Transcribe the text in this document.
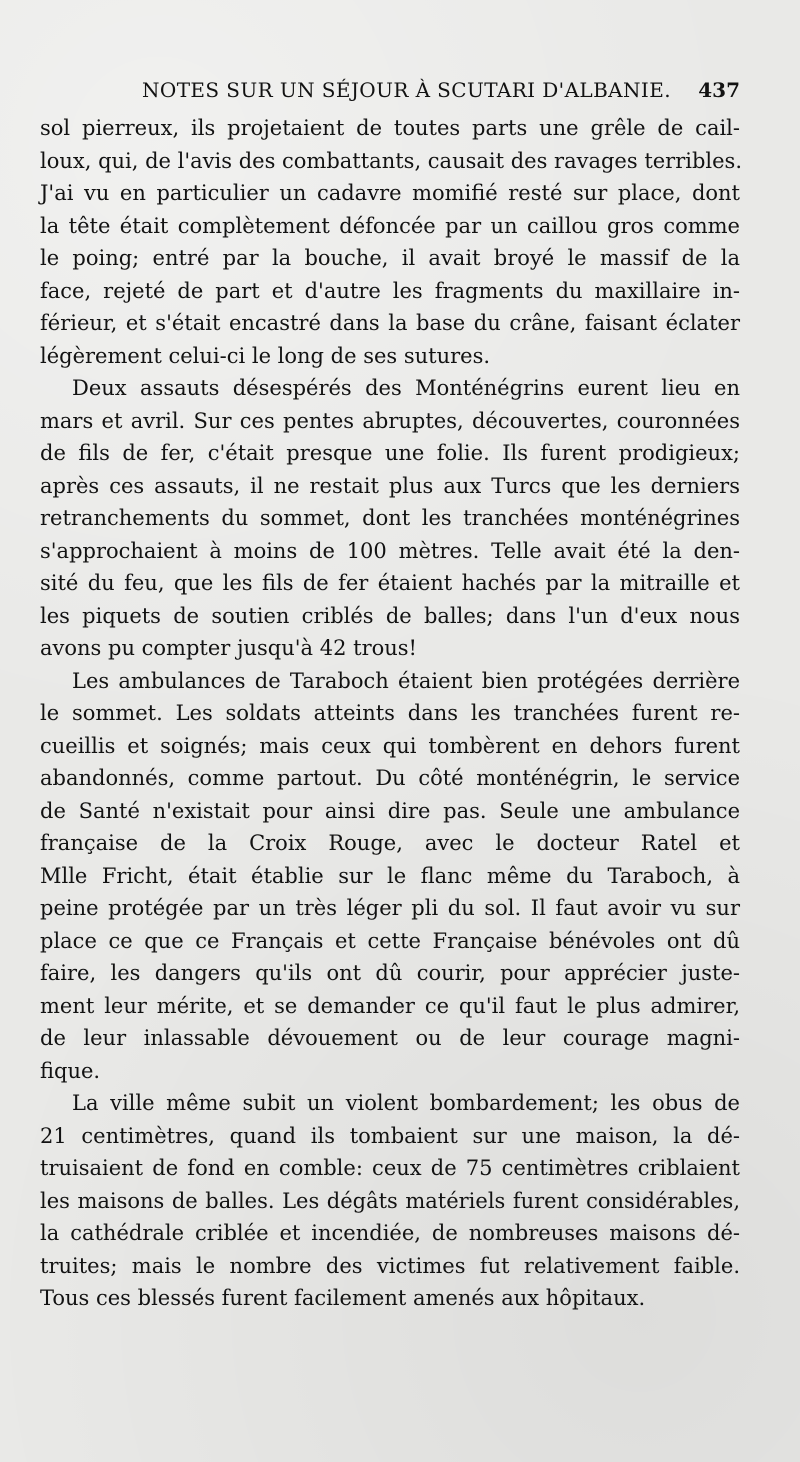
NOTES SUR UN SÉJOUR À SCUTARI D'ALBANIE. 437
sol pierreux, ils projetaient de toutes parts une grêle de cail-
loux, qui, de l'avis des combattants, causait des ravages terribles.
J'ai vu en particulier un cadavre momifié resté sur place, dont
la tête était complètement défoncée par un caillou gros comme
le poing; entré par la bouche, il avait broyé le massif de la
face, rejeté de part et d'autre les fragments du maxillaire in-
férieur, et s'était encastré dans la base du crâne, faisant éclater
légèrement celui-ci le long de ses sutures.
Deux assauts désespérés des Monténégrins eurent lieu en
mars et avril. Sur ces pentes abruptes, découvertes, couronnées
de fils de fer, c'était presque une folie. Ils furent prodigieux;
après ces assauts, il ne restait plus aux Turcs que les derniers
retranchements du sommet, dont les tranchées monténégrines
s'approchaient à moins de 100 mètres. Telle avait été la den-
sité du feu, que les fils de fer étaient hachés par la mitraille et
les piquets de soutien criblés de balles; dans l'un d'eux nous
avons pu compter jusqu'à 42 trous!
Les ambulances de Taraboch étaient bien protégées derrière
le sommet. Les soldats atteints dans les tranchées furent re-
cueillis et soignés; mais ceux qui tombèrent en dehors furent
abandonnés, comme partout. Du côté monténégrin, le service
de Santé n'existait pour ainsi dire pas. Seule une ambulance
française de la Croix Rouge, avec le docteur Ratel et
Mlle Fricht, était établie sur le flanc même du Taraboch, à
peine protégée par un très léger pli du sol. Il faut avoir vu sur
place ce que ce Français et cette Française bénévoles ont dû
faire, les dangers qu'ils ont dû courir, pour apprécier juste-
ment leur mérite, et se demander ce qu'il faut le plus admirer,
de leur inlassable dévouement ou de leur courage magni-
fique.
La ville même subit un violent bombardement; les obus de
21 centimètres, quand ils tombaient sur une maison, la dé-
truisaient de fond en comble: ceux de 75 centimètres criblaient
les maisons de balles. Les dégâts matériels furent considérables,
la cathédrale criblée et incendiée, de nombreuses maisons dé-
truites; mais le nombre des victimes fut relativement faible.
Tous ces blessés furent facilement amenés aux hôpitaux.
